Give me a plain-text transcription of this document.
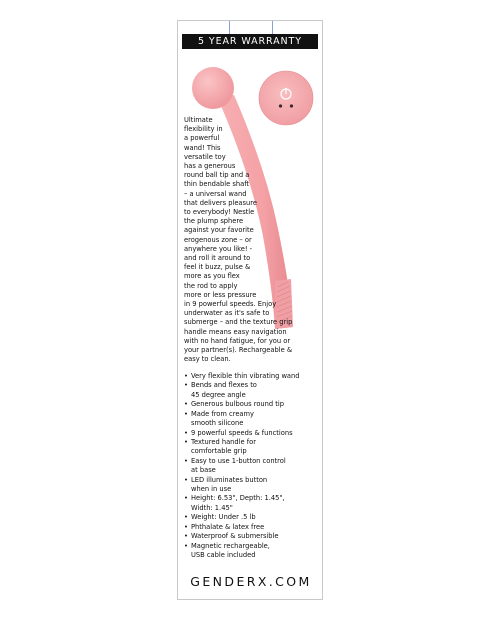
5 YEAR WARRANTY

Ultimate
flexibility in
a powerful
wand! This
versatile toy
has a generous
round ball tip and a
thin bendable shaft
– a universal wand
that delivers pleasure
to everybody! Nestle
the plump sphere
against your favorite
erogenous zone – or
anywhere you like! -
and roll it around to
feel it buzz, pulse &
more as you flex
the rod to apply
more or less pressure
in 9 powerful speeds. Enjoy
underwater as it's safe to
submerge – and the texture grip
handle means easy navigation
with no hand fatigue, for you or
your partner(s). Rechargeable &
easy to clean.

• Very flexible thin vibrating wand
• Bends and flexes to
45 degree angle
• Generous bulbous round tip
• Made from creamy
smooth silicone
• 9 powerful speeds & functions
• Textured handle for
comfortable grip
• Easy to use 1-button control
at base
• LED illuminates button
when in use
• Height: 6.53", Depth: 1.45",
Width: 1.45"
• Weight: Under .5 lb
• Phthalate & latex free
• Waterproof & submersible
• Magnetic rechargeable,
USB cable included
GENDERX.COM
